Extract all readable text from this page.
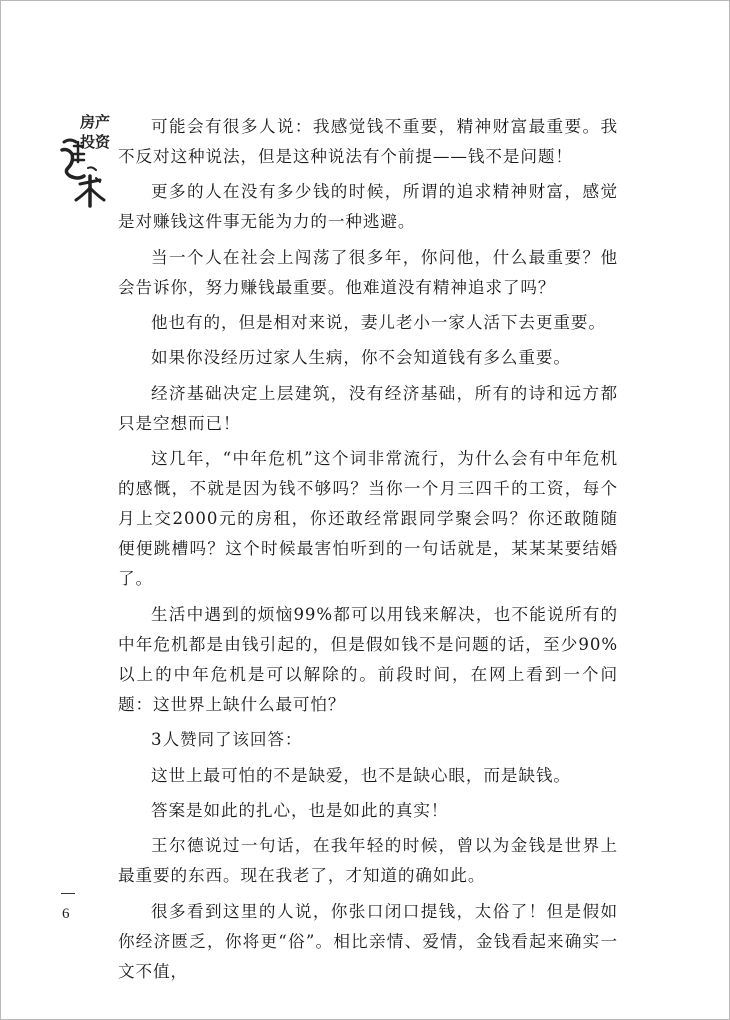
房产
投资

可能会有很多人说：我感觉钱不重要，精神财富最重要。我不反对这种说法，但是这种说法有个前提——钱不是问题！

更多的人在没有多少钱的时候，所谓的追求精神财富，感觉是对赚钱这件事无能为力的一种逃避。

当一个人在社会上闯荡了很多年，你问他，什么最重要？他会告诉你，努力赚钱最重要。他难道没有精神追求了吗？

他也有的，但是相对来说，妻儿老小一家人活下去更重要。

如果你没经历过家人生病，你不会知道钱有多么重要。

经济基础决定上层建筑，没有经济基础，所有的诗和远方都只是空想而已！

这几年，“中年危机”这个词非常流行，为什么会有中年危机的感慨，不就是因为钱不够吗？当你一个月三四千的工资，每个月上交2000元的房租，你还敢经常跟同学聚会吗？你还敢随随便便跳槽吗？这个时候最害怕听到的一句话就是，某某某要结婚了。

生活中遇到的烦恼99%都可以用钱来解决，也不能说所有的中年危机都是由钱引起的，但是假如钱不是问题的话，至少90%以上的中年危机是可以解除的。前段时间，在网上看到一个问题：这世界上缺什么最可怕？

3人赞同了该回答：

这世上最可怕的不是缺爱，也不是缺心眼，而是缺钱。

答案是如此的扎心，也是如此的真实！

王尔德说过一句话，在我年轻的时候，曾以为金钱是世界上最重要的东西。现在我老了，才知道的确如此。

很多看到这里的人说，你张口闭口提钱，太俗了！但是假如你经济匮乏，你将更“俗”。相比亲情、爱情，金钱看起来确实一文不值，

6
